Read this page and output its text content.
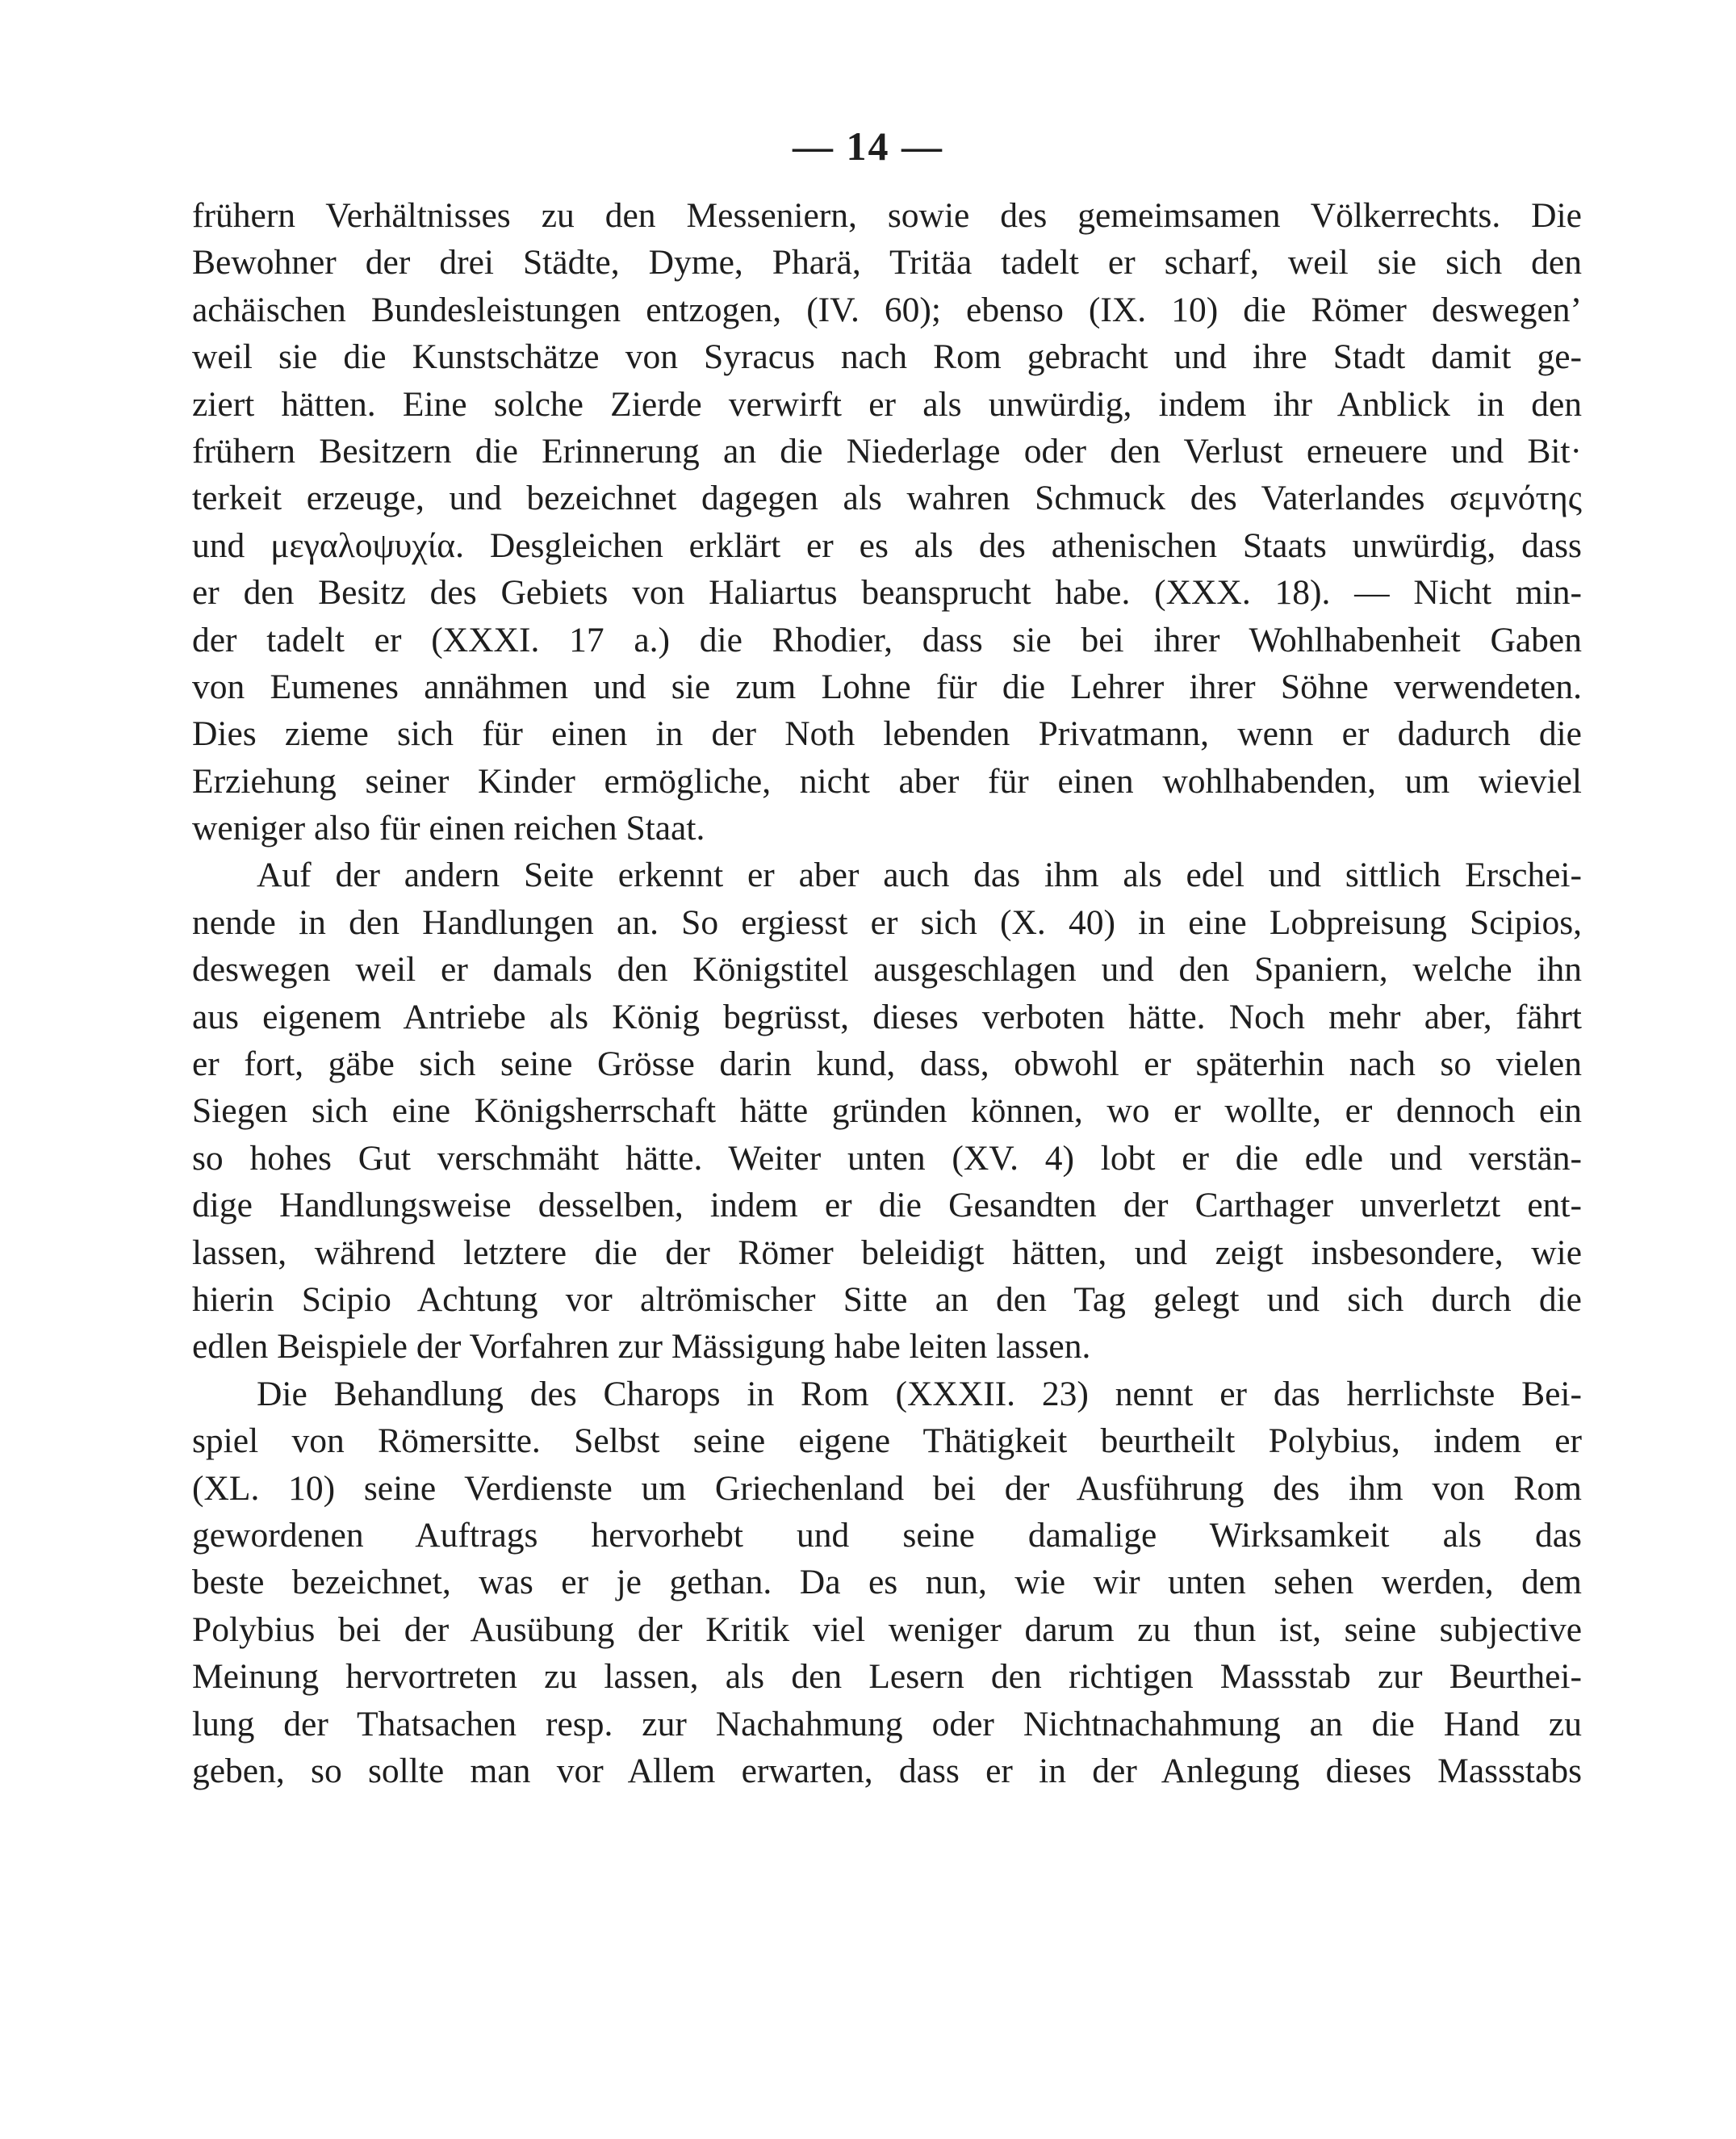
— 14 —
frühern Verhältnisses zu den Messeniern, sowie des gemeimsamen Völkerrechts. Die
Bewohner der drei Städte, Dyme, Pharä, Tritäa tadelt er scharf, weil sie sich den
achäischen Bundesleistungen entzogen, (IV. 60); ebenso (IX. 10) die Römer deswegen’
weil sie die Kunstschätze von Syracus nach Rom gebracht und ihre Stadt damit ge-
ziert hätten. Eine solche Zierde verwirft er als unwürdig, indem ihr Anblick in den
frühern Besitzern die Erinnerung an die Niederlage oder den Verlust erneuere und Bit·
terkeit erzeuge, und bezeichnet dagegen als wahren Schmuck des Vaterlandes σεμνότης
und μεγαλοψυχία. Desgleichen erklärt er es als des athenischen Staats unwürdig, dass
er den Besitz des Gebiets von Haliartus beansprucht habe. (XXX. 18). — Nicht min-
der tadelt er (XXXI. 17 a.) die Rhodier, dass sie bei ihrer Wohlhabenheit Gaben
von Eumenes annähmen und sie zum Lohne für die Lehrer ihrer Söhne verwendeten.
Dies zieme sich für einen in der Noth lebenden Privatmann, wenn er dadurch die
Erziehung seiner Kinder ermögliche, nicht aber für einen wohlhabenden, um wieviel
weniger also für einen reichen Staat.
Auf der andern Seite erkennt er aber auch das ihm als edel und sittlich Erschei-
nende in den Handlungen an. So ergiesst er sich (X. 40) in eine Lobpreisung Scipios,
deswegen weil er damals den Königstitel ausgeschlagen und den Spaniern, welche ihn
aus eigenem Antriebe als König begrüsst, dieses verboten hätte. Noch mehr aber, fährt
er fort, gäbe sich seine Grösse darin kund, dass, obwohl er späterhin nach so vielen
Siegen sich eine Königsherrschaft hätte gründen können, wo er wollte, er dennoch ein
so hohes Gut verschmäht hätte. Weiter unten (XV. 4) lobt er die edle und verstän-
dige Handlungsweise desselben, indem er die Gesandten der Carthager unverletzt ent-
lassen, während letztere die der Römer beleidigt hätten, und zeigt insbesondere, wie
hierin Scipio Achtung vor altrömischer Sitte an den Tag gelegt und sich durch die
edlen Beispiele der Vorfahren zur Mässigung habe leiten lassen.
Die Behandlung des Charops in Rom (XXXII. 23) nennt er das herrlichste Bei-
spiel von Römersitte. Selbst seine eigene Thätigkeit beurtheilt Polybius, indem er
(XL. 10) seine Verdienste um Griechenland bei der Ausführung des ihm von Rom
gewordenen Auftrags hervorhebt und seine damalige Wirksamkeit als das
beste bezeichnet, was er je gethan. Da es nun, wie wir unten sehen werden, dem
Polybius bei der Ausübung der Kritik viel weniger darum zu thun ist, seine subjective
Meinung hervortreten zu lassen, als den Lesern den richtigen Massstab zur Beurthei-
lung der Thatsachen resp. zur Nachahmung oder Nichtnachahmung an die Hand zu
geben, so sollte man vor Allem erwarten, dass er in der Anlegung dieses Massstabs
